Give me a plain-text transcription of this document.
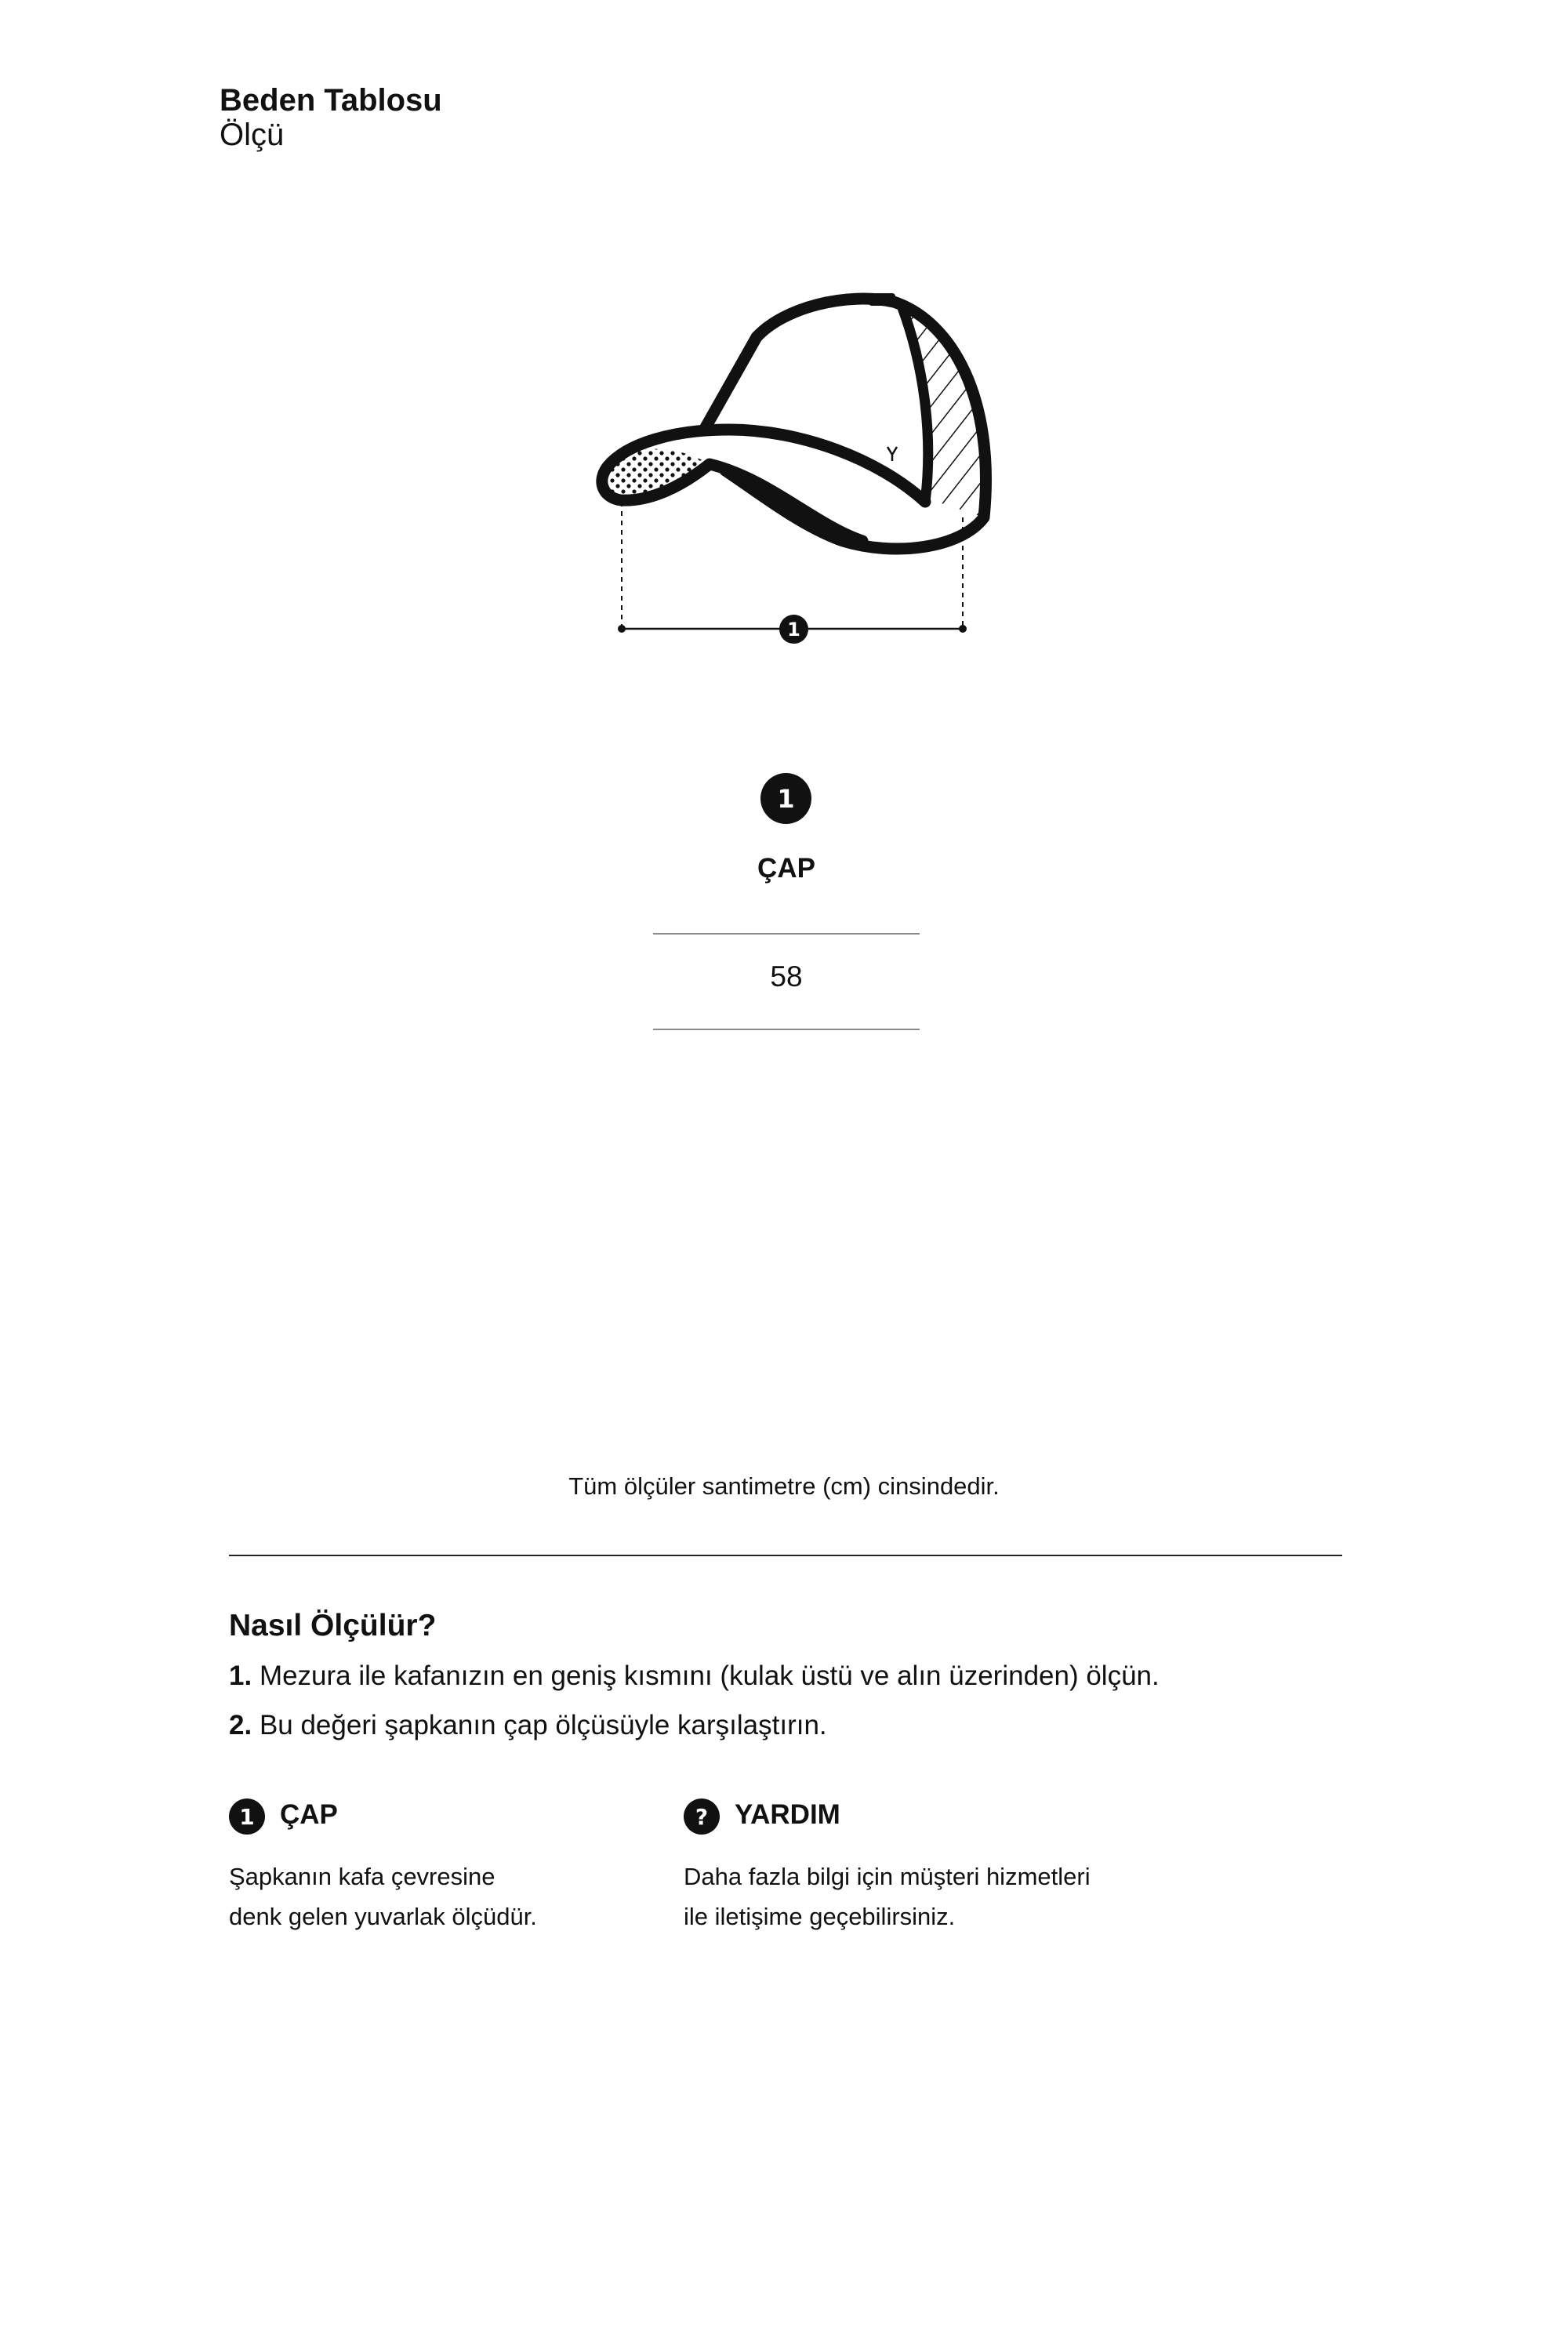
Beden Tablosu
Ölçü
nordbron
1
1
ÇAP
58
Tüm ölçüler santimetre (cm) cinsindedir.
Nasıl Ölçülür?
1. Mezura ile kafanızın en geniş kısmını (kulak üstü ve alın üzerinden) ölçün.
2. Bu değeri şapkanın çap ölçüsüyle karşılaştırın.
1 ÇAP
Şapkanın kafa çevresine
denk gelen yuvarlak ölçüdür.
? YARDIM
Daha fazla bilgi için müşteri hizmetleri
ile iletişime geçebilirsiniz.
